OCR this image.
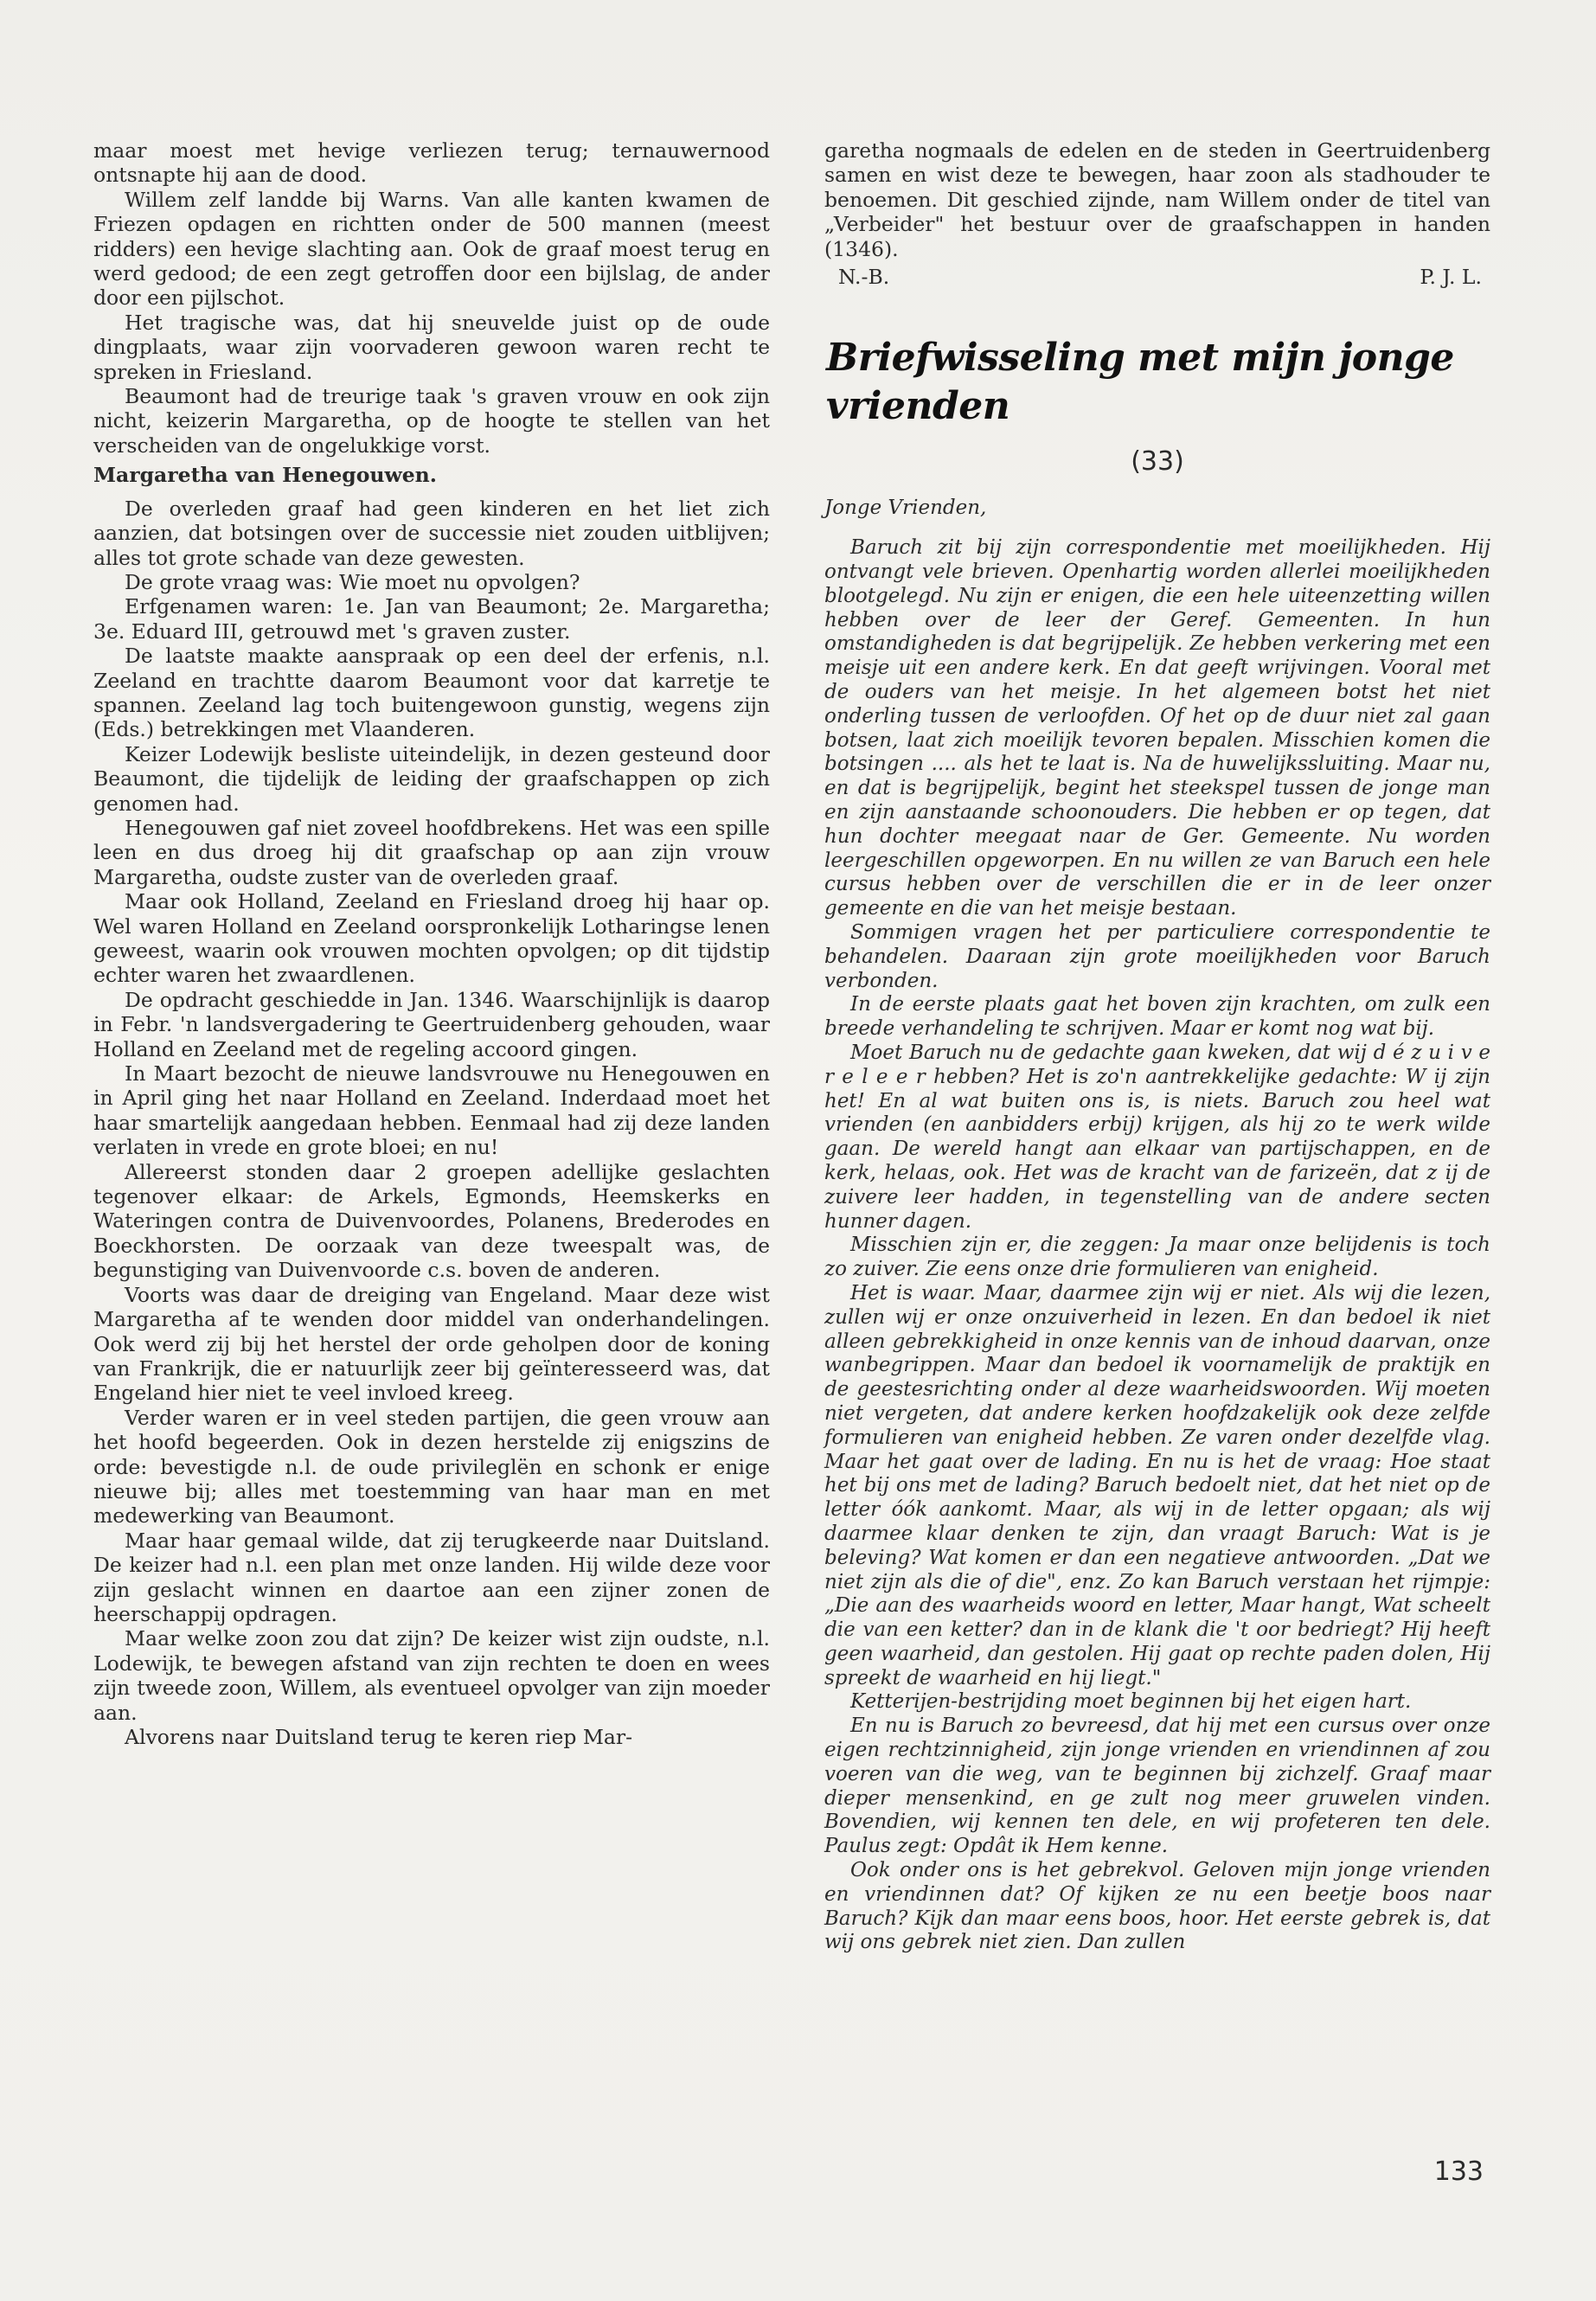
maar moest met hevige verliezen terug; ternauwernood ontsnapte hij aan de dood.

Willem zelf landde bij Warns. Van alle kanten kwamen de Friezen opdagen en richtten onder de 500 mannen (meest ridders) een hevige slachting aan. Ook de graaf moest terug en werd gedood; de een zegt getroffen door een bijlslag, de ander door een pijlschot.

Het tragische was, dat hij sneuvelde juist op de oude dingplaats, waar zijn voorvaderen gewoon waren recht te spreken in Friesland.

Beaumont had de treurige taak 's graven vrouw en ook zijn nicht, keizerin Margaretha, op de hoogte te stellen van het verscheiden van de ongelukkige vorst.

Margaretha van Henegouwen.

De overleden graaf had geen kinderen en het liet zich aanzien, dat botsingen over de successie niet zouden uitblijven; alles tot grote schade van deze gewesten.

De grote vraag was: Wie moet nu opvolgen?

Erfgenamen waren: 1e. Jan van Beaumont; 2e. Margaretha; 3e. Eduard III, getrouwd met 's graven zuster.

De laatste maakte aanspraak op een deel der erfenis, n.l. Zeeland en trachtte daarom Beaumont voor dat karretje te spannen. Zeeland lag toch buitengewoon gunstig, wegens zijn (Eds.) betrekkingen met Vlaanderen.

Keizer Lodewijk besliste uiteindelijk, in dezen gesteund door Beaumont, die tijdelijk de leiding der graafschappen op zich genomen had.

Henegouwen gaf niet zoveel hoofdbrekens. Het was een spille leen en dus droeg hij dit graafschap op aan zijn vrouw Margaretha, oudste zuster van de overleden graaf.

Maar ook Holland, Zeeland en Friesland droeg hij haar op. Wel waren Holland en Zeeland oorspronkelijk Lotharingse lenen geweest, waarin ook vrouwen mochten opvolgen; op dit tijdstip echter waren het zwaardlenen.

De opdracht geschiedde in Jan. 1346. Waarschijnlijk is daarop in Febr. 'n landsvergadering te Geertruidenberg gehouden, waar Holland en Zeeland met de regeling accoord gingen.

In Maart bezocht de nieuwe landsvrouwe nu Henegouwen en in April ging het naar Holland en Zeeland. Inderdaad moet het haar smartelijk aangedaan hebben. Eenmaal had zij deze landen verlaten in vrede en grote bloei; en nu!

Allereerst stonden daar 2 groepen adellijke geslachten tegenover elkaar: de Arkels, Egmonds, Heemskerks en Wateringen contra de Duivenvoordes, Polanens, Brederodes en Boeckhorsten. De oorzaak van deze tweespalt was, de begunstiging van Duivenvoorde c.s. boven de anderen.

Voorts was daar de dreiging van Engeland. Maar deze wist Margaretha af te wenden door middel van onderhandelingen. Ook werd zij bij het herstel der orde geholpen door de koning van Frankrijk, die er natuurlijk zeer bij geïnteresseerd was, dat Engeland hier niet te veel invloed kreeg.

Verder waren er in veel steden partijen, die geen vrouw aan het hoofd begeerden. Ook in dezen herstelde zij enigszins de orde: bevestigde n.l. de oude privileglën en schonk er enige nieuwe bij; alles met toestemming van haar man en met medewerking van Beaumont.

Maar haar gemaal wilde, dat zij terugkeerde naar Duitsland. De keizer had n.l. een plan met onze landen. Hij wilde deze voor zijn geslacht winnen en daartoe aan een zijner zonen de heerschappij opdragen.

Maar welke zoon zou dat zijn? De keizer wist zijn oudste, n.l. Lodewijk, te bewegen afstand van zijn rechten te doen en wees zijn tweede zoon, Willem, als eventueel opvolger van zijn moeder aan.

Alvorens naar Duitsland terug te keren riep Mar-

garetha nogmaals de edelen en de steden in Geertruidenberg samen en wist deze te bewegen, haar zoon als stadhouder te benoemen. Dit geschied zijnde, nam Willem onder de titel van „Verbeider" het bestuur over de graafschappen in handen (1346).

N.-B.	P. J. L.
Briefwisseling met mijn jonge vrienden
(33)

Jonge Vrienden,

Baruch zit bij zijn correspondentie met moeilijkheden. Hij ontvangt vele brieven. Openhartig worden allerlei moeilijkheden blootgelegd. Nu zijn er enigen, die een hele uiteenzetting willen hebben over de leer der Geref. Gemeenten. In hun omstandigheden is dat begrijpelijk. Ze hebben verkering met een meisje uit een andere kerk. En dat geeft wrijvingen. Vooral met de ouders van het meisje. In het algemeen botst het niet onderling tussen de verloofden. Of het op de duur niet zal gaan botsen, laat zich moeilijk tevoren bepalen. Misschien komen die botsingen .... als het te laat is. Na de huwelijkssluiting. Maar nu, en dat is begrijpelijk, begint het steekspel tussen de jonge man en zijn aanstaande schoonouders. Die hebben er op tegen, dat hun dochter meegaat naar de Ger. Gemeente. Nu worden leergeschillen opgeworpen. En nu willen ze van Baruch een hele cursus hebben over de verschillen die er in de leer onzer gemeente en die van het meisje bestaan.

Sommigen vragen het per particuliere correspondentie te behandelen. Daaraan zijn grote moeilijkheden voor Baruch verbonden.

In de eerste plaats gaat het boven zijn krachten, om zulk een breede verhandeling te schrijven. Maar er komt nog wat bij.

Moet Baruch nu de gedachte gaan kweken, dat wij d é z u i v e r e l e e r hebben? Het is zo'n aantrekkelijke gedachte: W ij zijn het! En al wat buiten ons is, is niets. Baruch zou heel wat vrienden (en aanbidders erbij) krijgen, als hij zo te werk wilde gaan. De wereld hangt aan elkaar van partijschappen, en de kerk, helaas, ook. Het was de kracht van de farizeën, dat z ij de zuivere leer hadden, in tegenstelling van de andere secten hunner dagen.

Misschien zijn er, die zeggen: Ja maar onze belijdenis is toch zo zuiver. Zie eens onze drie formulieren van enigheid.

Het is waar. Maar, daarmee zijn wij er niet. Als wij die lezen, zullen wij er onze onzuiverheid in lezen. En dan bedoel ik niet alleen gebrekkigheid in onze kennis van de inhoud daarvan, onze wanbegrippen. Maar dan bedoel ik voornamelijk de praktijk en de geestesrichting onder al deze waarheidswoorden. Wij moeten niet vergeten, dat andere kerken hoofdzakelijk ook deze zelfde formulieren van enigheid hebben. Ze varen onder dezelfde vlag. Maar het gaat over de lading. En nu is het de vraag: Hoe staat het bij ons met de lading? Baruch bedoelt niet, dat het niet op de letter óók aankomt. Maar, als wij in de letter opgaan; als wij daarmee klaar denken te zijn, dan vraagt Baruch: Wat is je beleving? Wat komen er dan een negatieve antwoorden. „Dat we niet zijn als die of die", enz. Zo kan Baruch verstaan het rijmpje: „Die aan des waarheids woord en letter, Maar hangt, Wat scheelt die van een ketter? dan in de klank die 't oor bedriegt? Hij heeft geen waarheid, dan gestolen. Hij gaat op rechte paden dolen, Hij spreekt de waarheid en hij liegt."

Ketterijen-bestrijding moet beginnen bij het eigen hart.

En nu is Baruch zo bevreesd, dat hij met een cursus over onze eigen rechtzinnigheid, zijn jonge vrienden en vriendinnen af zou voeren van die weg, van te beginnen bij zichzelf. Graaf maar dieper mensenkind, en ge zult nog meer gruwelen vinden. Bovendien, wij kennen ten dele, en wij profeteren ten dele. Paulus zegt: Opdât ik Hem kenne.

Ook onder ons is het gebrekvol. Geloven mijn jonge vrienden en vriendinnen dat? Of kijken ze nu een beetje boos naar Baruch? Kijk dan maar eens boos, hoor. Het eerste gebrek is, dat wij ons gebrek niet zien. Dan zullen

133
